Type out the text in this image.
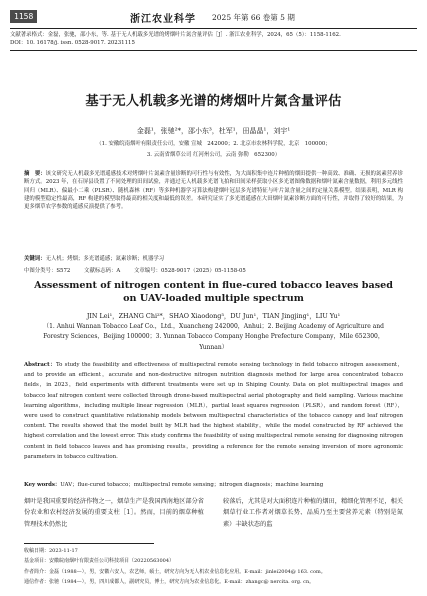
1158	浙江农业科学 2025 年第 66 卷第 5 期
文献著录格式：金磊，张驰，邵小东，等. 基于无人机载多光谱的烤烟叶片氮含量评估［J］. 浙江农业科学，2024，65（5）：1158-1162.
DOI：10. 16178/j. issn. 0528-9017. 20231115
基于无人机载多光谱的烤烟叶片氮含量评估
金磊¹，张驰²*，邵小东³，杜军¹，田晶晶¹，刘宇¹
（1. 安徽皖南烟叶有限责任公司，安徽 宣城　242000；2. 北京市农林科学院，北京　100000；
3. 云南省烟草公司 红河州公司，云南 弥勒　652300）
摘　要：该文研究无人机载多光谱遥感技术对烤烟叶片氮素含量诊断的可行性与有效性，为大面积集中连片种植的烟田提供一种高效、准确、无损的氮素营养诊断方式。2023 年，在石屏县设置了不同处理的田间试验，并通过无人机载多光谱飞拍和田间采样获取小区多光谱图像数据和烟叶氮素含量数据，利用多元线性回归（MLR）、偏最小二乘（PLSR）、随机森林（RF）等多种机器学习算法构建烟叶冠层多光谱特征与叶片氮含量之间的定量关系模型。结果表明，MLR 构建的模型稳定性最高，RF 构建的模型取得最高的相关度和最低的误差。本研究证实了多光谱遥感在大田烟叶氮素诊断方面的可行性，并取得了较好的结果，为更多烟草农学参数的遥感反演提供了参考。
关键词：无人机；烤烟；多光谱遥感；氮素诊断；机器学习
中图分类号：S572	文献标志码：A	文章编号：0528-9017（2025）05-1158-05
Assessment of nitrogen content in flue-cured tobacco leaves based on UAV-loaded multiple spectrum
JIN Lei¹，ZHANG Chi²*，SHAO Xiaodong³，DU Jun¹，TIAN Jingjing¹，LIU Yu¹
（1. Anhui Wannan Tobacco Leaf Co.，Ltd.，Xuancheng 242000，Anhui；2. Beijing Academy of Agriculture and Forestry Sciences，Beijing 100000；3. Yunnan Tobacco Company Honghe Prefecture Company，Mile 652300，Yunnan）
Abstract：To study the feasibility and effectiveness of multispectral remote sensing technology in field tobacco nitrogen assessment，and to provide an efficient，accurate and non-destructive nitrogen nutrition diagnosis method for large area concentrated tobacco fields，in 2023，field experiments with different treatments were set up in Shiping County. Data on plot multispectral images and tobacco leaf nitrogen content were collected through drone-based multispectral aerial photography and field sampling. Various machine learning algorithms，including multiple linear regression（MLR），partial least squares regression（PLSR），and random forest（RF），were used to construct quantitative relationship models between multispectral characteristics of the tobacco canopy and leaf nitrogen content. The results showed that the model built by MLR had the highest stability，while the model constructed by RF achieved the highest correlation and the lowest error. This study confirms the feasibility of using multispectral remote sensing for diagnosing nitrogen content in field tobacco leaves and has promising results，providing a reference for the remote sensing inversion of more agronomic parameters in tobacco cultivation.
Key words：UAV；flue-cured tobacco；multispectral remote sensing；nitrogen diagnosis；machine learning
烟叶是我国重要的经济作物之一，烟草生产是我国西南地区部分省份农业和农村经济发展的重要支柱［1］。然而，目前的烟草种植管理技术仍然比
较落后，尤其是对大面积连片种植的烟田，精细化管理不足，相关烟草行业工作者对烟草长势、品质乃至主要营养元素（特别是氮素）丰缺状态的监
收稿日期：2023-11-17
基金项目：安徽皖南烟叶有限责任公司科技项目（20220563004）
作者简介：金磊（1988—），男，安徽六安人，农艺师，硕士，研究方向为无人机农业信息化应用。E-mail：jinlei2004@ 163. com。
通信作者：张驰（1984—），男，四川成都人，副研究员，博士，研究方向为农业信息化。E-mail：zhangc@ nercita. org. cn。
